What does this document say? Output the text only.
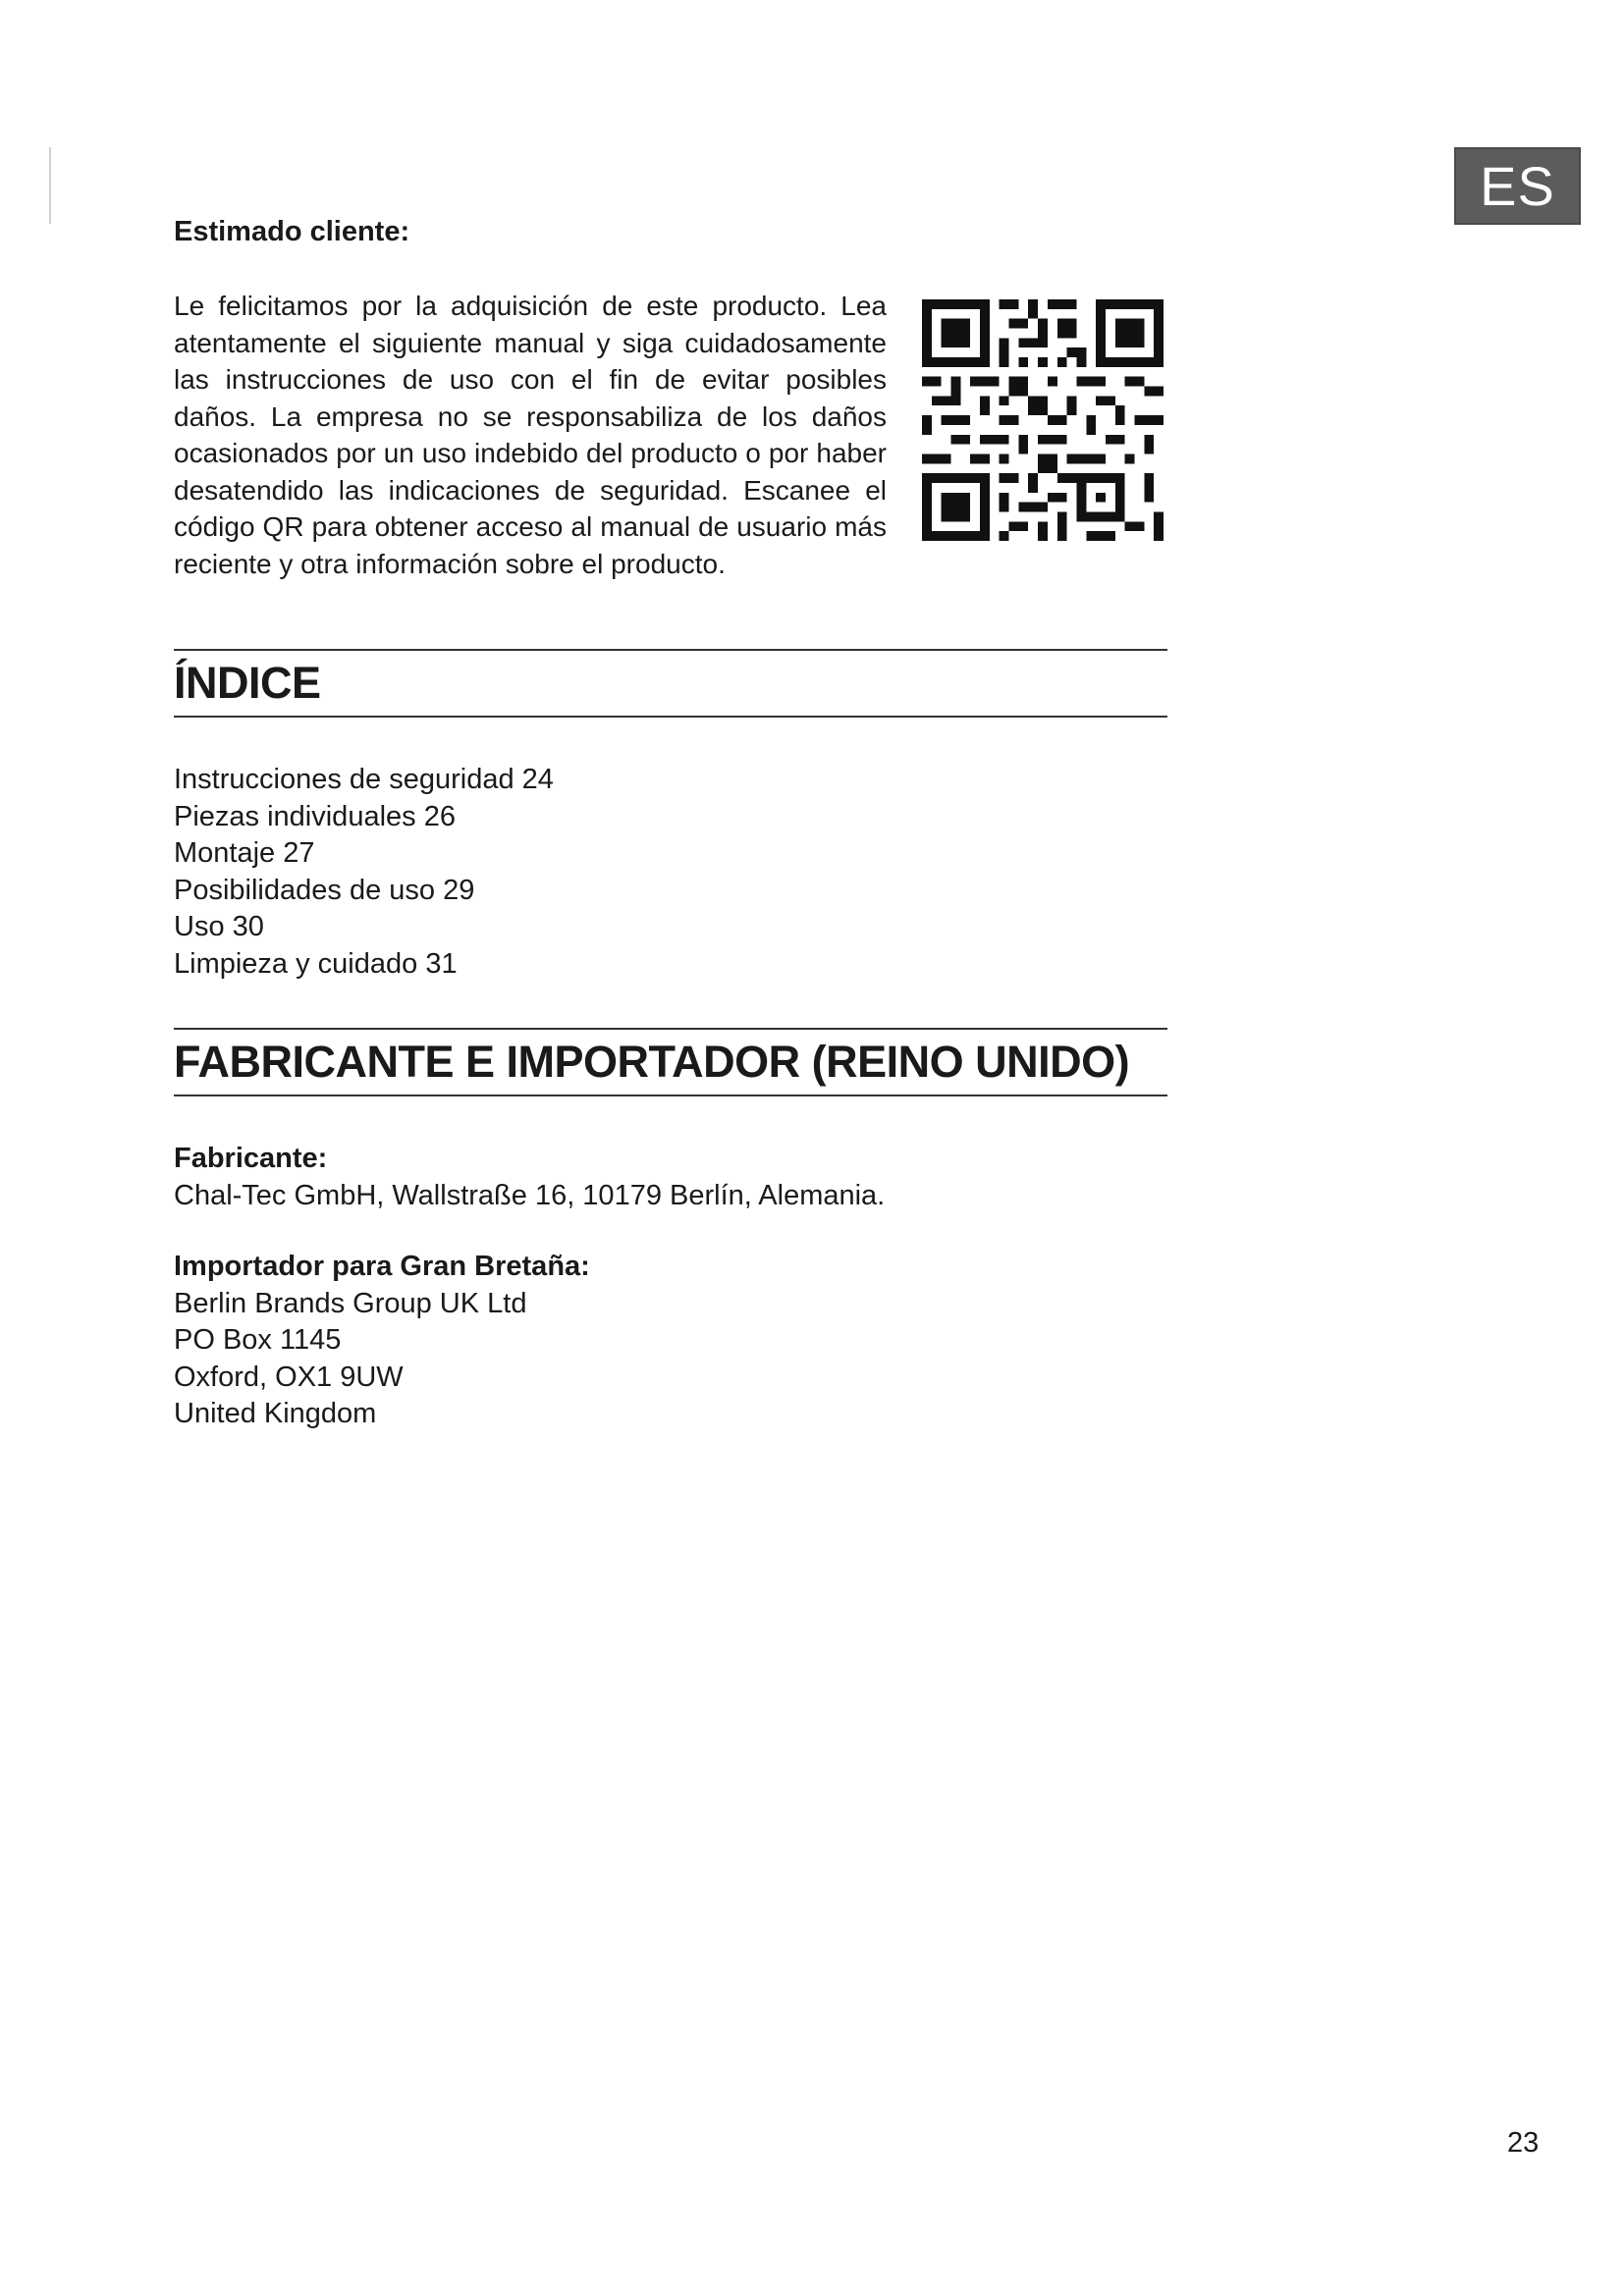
ES

Estimado cliente:

Le felicitamos por la adquisición de este producto. Lea atentamente el siguiente manual y siga cuidadosamente las instrucciones de uso con el fin de evitar posibles daños. La empresa no se responsabiliza de los daños ocasionados por un uso indebido del producto o por haber desatendido las indicaciones de seguridad. Escanee el código QR para obtener acceso al manual de usuario más reciente y otra información sobre el producto.

ÍNDICE
Instrucciones de seguridad 24
Piezas individuales 26
Montaje 27
Posibilidades de uso 29
Uso 30
Limpieza y cuidado 31
FABRICANTE E IMPORTADOR (REINO UNIDO)
Fabricante:
Chal-Tec GmbH, Wallstraße 16, 10179 Berlín, Alemania.
Importador para Gran Bretaña:
Berlin Brands Group UK Ltd
PO Box 1145
Oxford, OX1 9UW
United Kingdom
23
